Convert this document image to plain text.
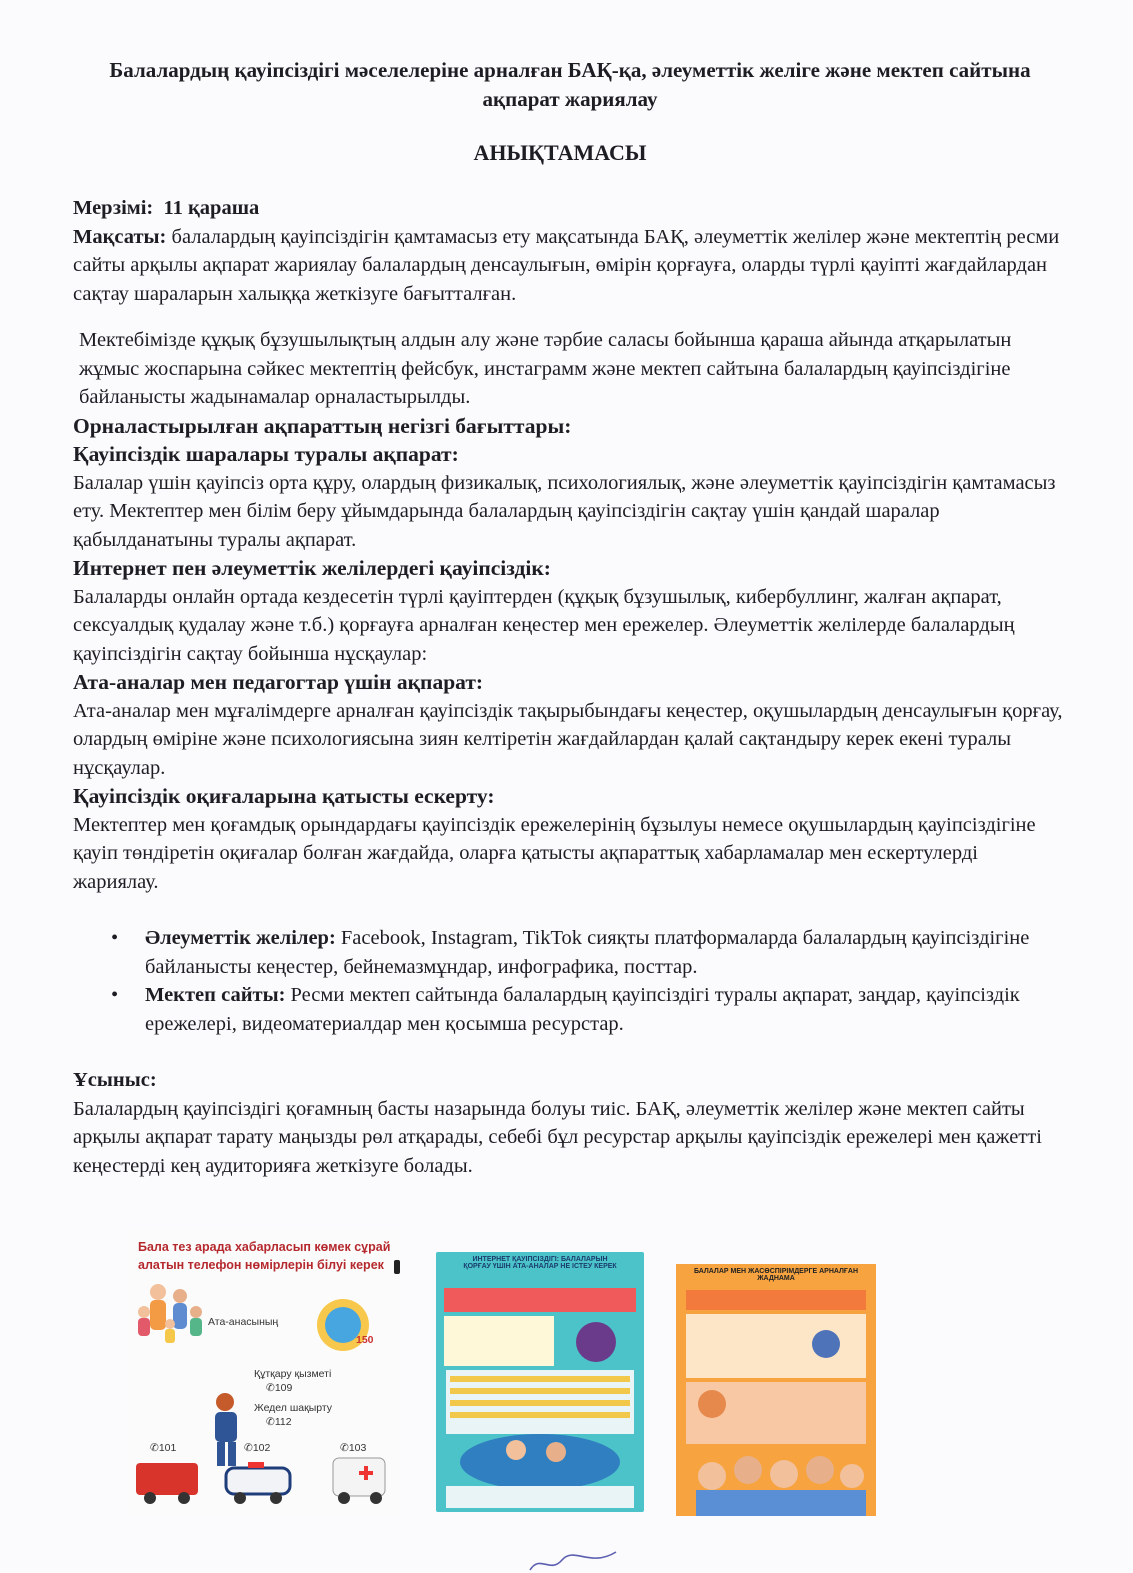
Балалардың қауіпсіздігі мәселелеріне арналған БАҚ-қа, әлеуметтік желіге және мектеп сайтына ақпарат жариялау
АНЫҚТАМАСЫ

Мерзімі: 11 қараша

Мақсаты: балалардың қауіпсіздігін қамтамасыз ету мақсатында БАҚ, әлеуметтік желілер және мектептің ресми сайты арқылы ақпарат жариялау балалардың денсаулығын, өмірін қорғауға, оларды түрлі қауіпті жағдайлардан сақтау шараларын халыққа жеткізуге бағытталған.

Мектебімізде құқық бұзушылықтың алдын алу және тәрбие саласы бойынша қараша айында атқарылатын жұмыс жоспарына сәйкес мектептің фейсбук, инстаграмм және мектеп сайтына балалардың қауіпсіздігіне байланысты жадынамалар орналастырылды.

Орналастырылған ақпараттың негізгі бағыттары:

Қауіпсіздік шаралары туралы ақпарат:

Балалар үшін қауіпсіз орта құру, олардың физикалық, психологиялық, және әлеуметтік қауіпсіздігін қамтамасыз ету. Мектептер мен білім беру ұйымдарында балалардың қауіпсіздігін сақтау үшін қандай шаралар қабылданатыны туралы ақпарат.

Интернет пен әлеуметтік желілердегі қауіпсіздік:

Балаларды онлайн ортада кездесетін түрлі қауіптерден (құқық бұзушылық, кибербуллинг, жалған ақпарат, сексуалдық қудалау және т.б.) қорғауға арналған кеңестер мен ережелер. Әлеуметтік желілерде балалардың қауіпсіздігін сақтау бойынша нұсқаулар:

Ата-аналар мен педагогтар үшін ақпарат:

Ата-аналар мен мұғалімдерге арналған қауіпсіздік тақырыбындағы кеңестер, оқушылардың денсаулығын қорғау, олардың өміріне және психологиясына зиян келтіретін жағдайлардан қалай сақтандыру керек екені туралы нұсқаулар.

Қауіпсіздік оқиғаларына қатысты ескерту:

Мектептер мен қоғамдық орындардағы қауіпсіздік ережелерінің бұзылуы немесе оқушылардың қауіпсіздігіне қауіп төндіретін оқиғалар болған жағдайда, оларға қатысты ақпараттық хабарламалар мен ескертулерді жариялау.

• Әлеуметтік желілер: Facebook, Instagram, TikTok сияқты платформаларда балалардың қауіпсіздігіне байланысты кеңестер, бейнемазмұндар, инфографика, посттар.
• Мектеп сайты: Ресми мектеп сайтында балалардың қауіпсіздігі туралы ақпарат, заңдар, қауіпсіздік ережелері, видеоматериалдар мен қосымша ресурстар.

Ұсыныс:

Балалардың қауіпсіздігі қоғамның басты назарында болуы тиіс. БАҚ, әлеуметтік желілер және мектеп сайты арқылы ақпарат тарату маңызды рөл атқарады, себебі бұл ресурстар арқылы қауіпсіздік ережелері мен қажетті кеңестерді кең аудиторияға жеткізуге болады.

Бала тез арада хабарласып көмек сұрай алатын телефон нөмірлерін білуі керек
150
Ата-анасының
Құтқару қызметі
✆109
Жедел шақырту
✆112
✆101	✆102	✆103
ИНТЕРНЕТ ҚАУІПСІЗДІГІ: БАЛАЛАРЫН ҚОРҒАУ ҮШІН АТА-АНАЛАР НЕ ІСТЕУ КЕРЕК
БАЛАЛАР МЕН ЖАСӨСПІРІМДЕРГЕ АРНАЛҒАН ЖАДНАМА
